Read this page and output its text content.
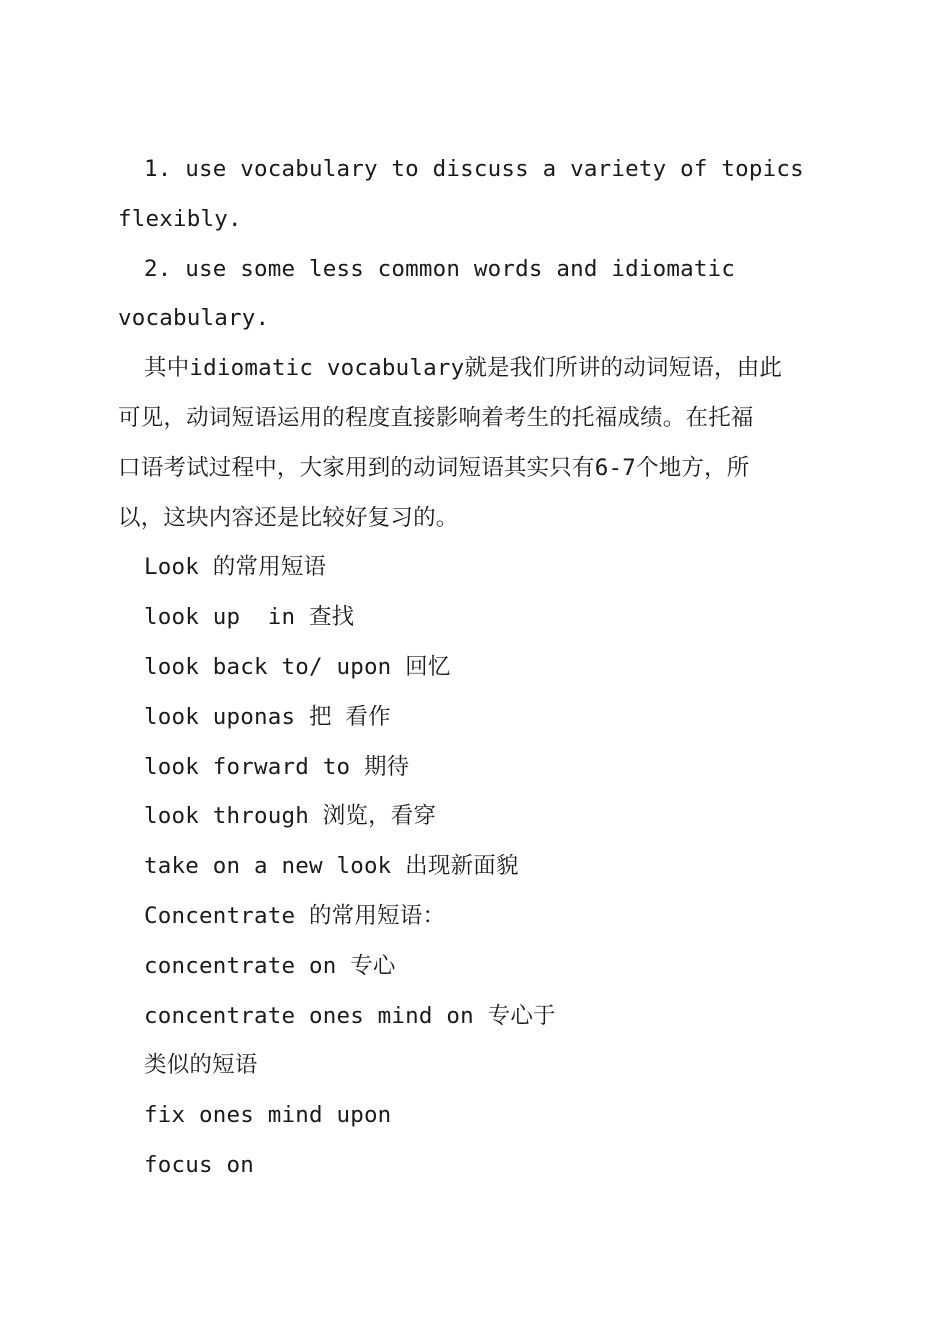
1. use vocabulary to discuss a variety of topics
flexibly.
2. use some less common words and idiomatic
vocabulary.
其中idiomatic vocabulary就是我们所讲的动词短语，由此
可见，动词短语运用的程度直接影响着考生的托福成绩。在托福
口语考试过程中，大家用到的动词短语其实只有6-7个地方，所
以，这块内容还是比较好复习的。
Look 的常用短语
look up  in 查找
look back to/ upon 回忆
look uponas 把 看作
look forward to 期待
look through 浏览，看穿
take on a new look 出现新面貌
Concentrate 的常用短语：
concentrate on 专心
concentrate ones mind on 专心于
类似的短语
fix ones mind upon
focus on
